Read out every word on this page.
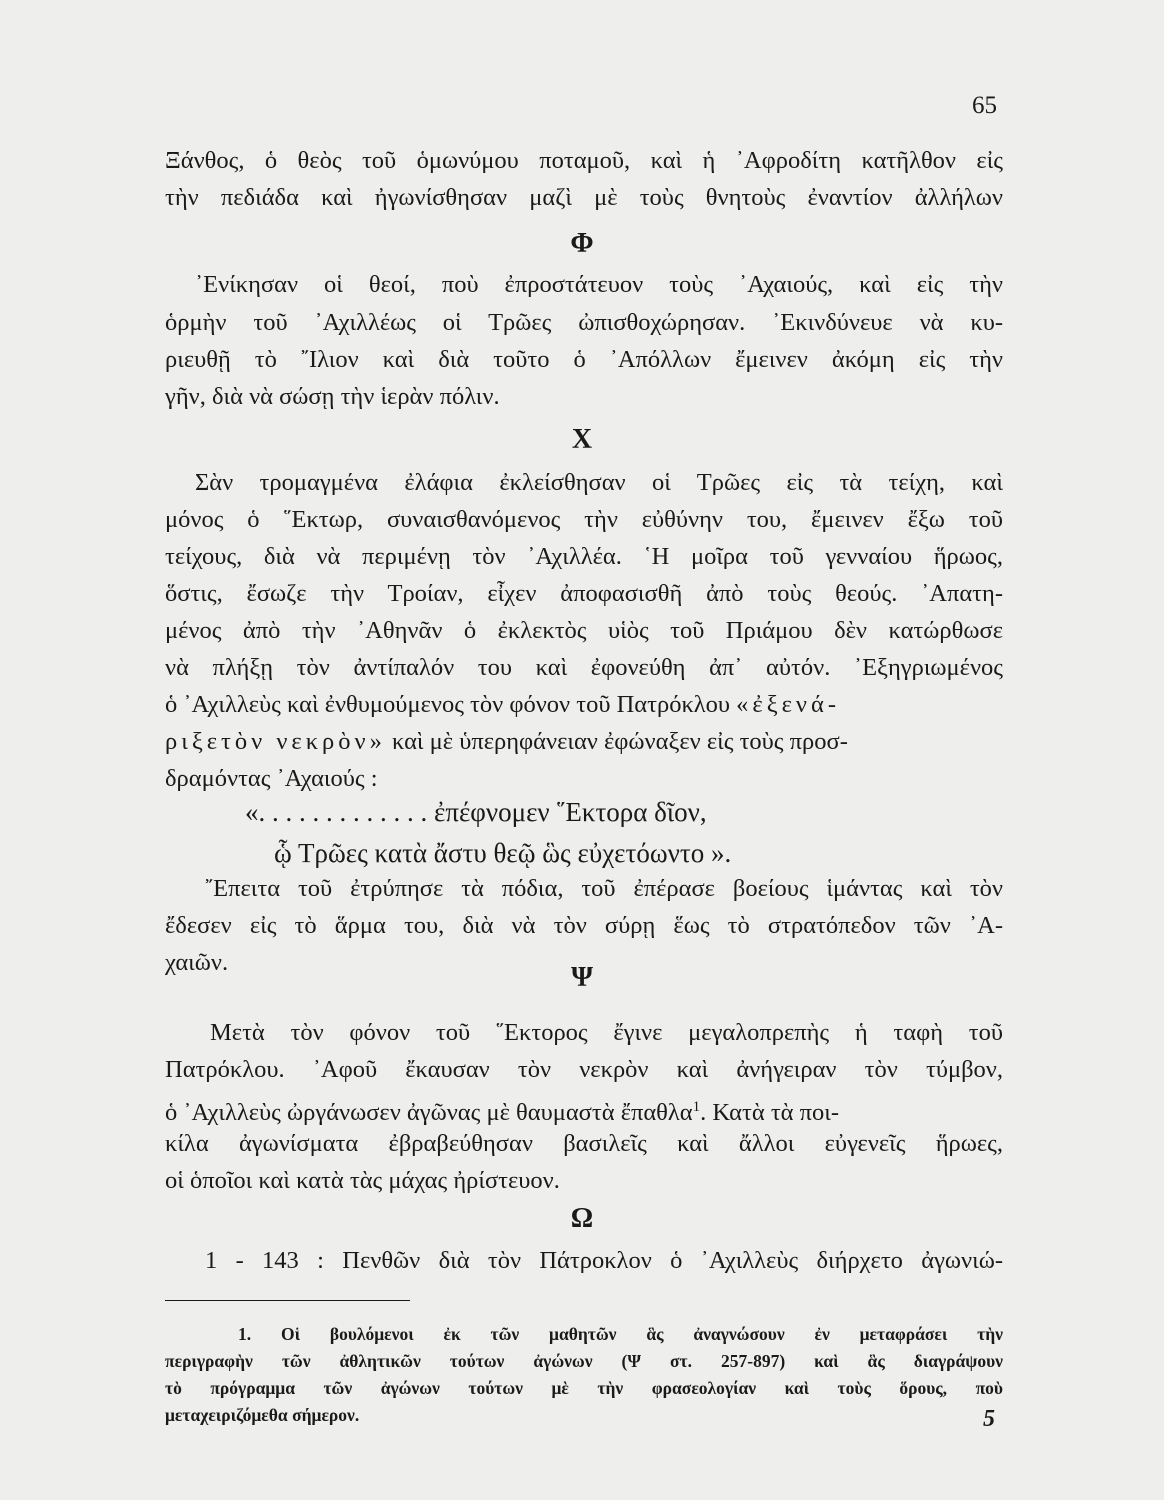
65
Ξάνθος, ὁ θεὸς τοῦ ὁμωνύμου ποταμοῦ, καὶ ἡ ᾿Αφροδίτη κατῆλθον εἰς
τὴν πεδιάδα καὶ ἠγωνίσθησαν μαζὶ μὲ τοὺς θνητοὺς ἐναντίον ἀλλήλων
Φ
᾿Ενίκησαν οἱ θεοί, ποὺ ἐπροστάτευον τοὺς ᾿Αχαιούς, καὶ εἰς τὴν
ὁρμὴν τοῦ ᾿Αχιλλέως οἱ Τρῶες ὠπισθοχώρησαν. ᾿Εκινδύνευε νὰ κυ-
ριευθῇ τὸ ῎Ιλιον καὶ διὰ τοῦτο ὁ ᾿Απόλλων ἔμεινεν ἀκόμη εἰς τὴν
γῆν, διὰ νὰ σώσῃ τὴν ἱερὰν πόλιν.
Χ
Σὰν τρομαγμένα ἐλάφια ἐκλείσθησαν οἱ Τρῶες εἰς τὰ τείχη, καὶ
μόνος ὁ ῞Εκτωρ, συναισθανόμενος τὴν εὐθύνην του, ἔμεινεν ἔξω τοῦ
τείχους, διὰ νὰ περιμένῃ τὸν ᾿Αχιλλέα. ῾Η μοῖρα τοῦ γενναίου ἥρωος,
ὅστις, ἔσωζε τὴν Τροίαν, εἶχεν ἀποφασισθῆ ἀπὸ τοὺς θεούς. ᾿Απατη-
μένος ἀπὸ τὴν ᾿Αθηνᾶν ὁ ἐκλεκτὸς υἱὸς τοῦ Πριάμου δὲν κατώρθωσε
νὰ πλήξῃ τὸν ἀντίπαλόν του καὶ ἐφονεύθη ἀπ᾿ αὐτόν. ᾿Εξηγριωμένος
ὁ ᾿Αχιλλεὺς καὶ ἐνθυμούμενος τὸν φόνον τοῦ Πατρόκλου «ἐξενά-
ριξετὸν νεκρὸν» καὶ μὲ ὑπερηφάνειαν ἐφώναξεν εἰς τοὺς προσ-
δραμόντας ᾿Αχαιούς :
«. . . . . . . . . . . . . ἐπέφνομεν ῞Εκτορα δῖον,
ᾧ Τρῶες κατὰ ἄστυ θεῷ ὣς εὐχετόωντο ».
῎Επειτα τοῦ ἐτρύπησε τὰ πόδια, τοῦ ἐπέρασε βοείους ἱμάντας καὶ τὸν
ἔδεσεν εἰς τὸ ἅρμα του, διὰ νὰ τὸν σύρῃ ἕως τὸ στρατόπεδον τῶν ᾿Α-
χαιῶν.	Ψ
Μετὰ τὸν φόνον τοῦ ῞Εκτορος ἔγινε μεγαλοπρεπὴς ἡ ταφὴ τοῦ
Πατρόκλου. ᾿Αφοῦ ἔκαυσαν τὸν νεκρὸν καὶ ἀνήγειραν τὸν τύμβον,
ὁ ᾿Αχιλλεὺς ὠργάνωσεν ἀγῶνας μὲ θαυμαστὰ ἔπαθλα$^1$. Κατὰ τὰ ποι-
κίλα ἀγωνίσματα ἐβραβεύθησαν βασιλεῖς καὶ ἄλλοι εὐγενεῖς ἥρωες,
οἱ ὁποῖοι καὶ κατὰ τὰς μάχας ἠρίστευον.
Ω
1 - 143 : Πενθῶν διὰ τὸν Πάτροκλον ὁ ᾿Αχιλλεὺς διήρχετο ἀγωνιώ-
1. Οἱ βουλόμενοι ἐκ τῶν μαθητῶν ἃς ἀναγνώσουν ἐν μεταφράσει τὴν
περιγραφὴν τῶν ἀθλητικῶν τούτων ἀγώνων (Ψ στ. 257-897) καὶ ἃς διαγράψουν
τὸ πρόγραμμα τῶν ἀγώνων τούτων μὲ τὴν φρασεολογίαν καὶ τοὺς ὅρους, ποὺ
μεταχειριζόμεθα σήμερον.	5
